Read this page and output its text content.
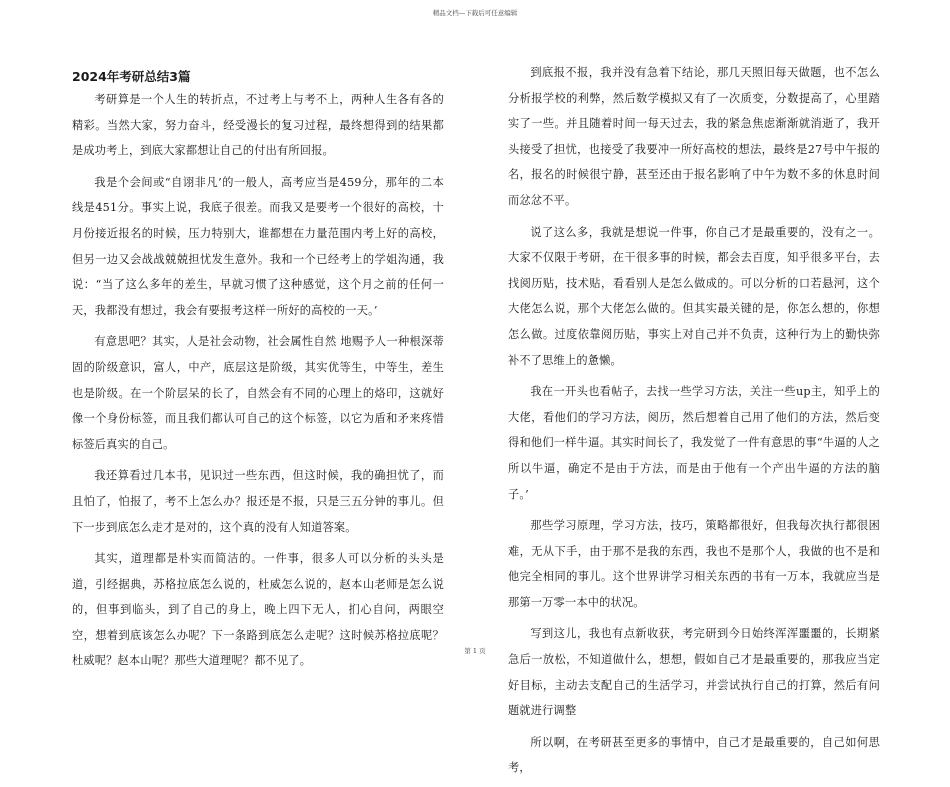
精品文档—下载后可任意编辑
2024年考研总结3篇

考研算是一个人生的转折点，不过考上与考不上，两种人生各有各的精彩。当然大家，努力奋斗，经受漫长的复习过程，最终想得到的结果都是成功考上，到底大家都想让自己的付出有所回报。

我是个会间或“自诩非凡’的一般人，高考应当是459分，那年的二本线是451分。事实上说，我底子很差。而我又是要考一个很好的高校，十月份接近报名的时候，压力特别大，谁都想在力量范围内考上好的高校，但另一边又会战战兢兢担忧发生意外。我和一个已经考上的学姐沟通，我说：“当了这么多年的差生，早就习惯了这种感觉，这个月之前的任何一天，我都没有想过，我会有要报考这样一所好的高校的一天。’

有意思吧？其实，人是社会动物，社会属性自然 地赐予人一种根深蒂固的阶级意识，富人，中产，底层这是阶级，其实优等生，中等生，差生也是阶级。在一个阶层呆的长了，自然会有不同的心理上的烙印，这就好像一个身份标签，而且我们都认可自己的这个标签，以它为盾和矛来疼惜标签后真实的自己。

我还算看过几本书，见识过一些东西，但这时候，我的确担忧了，而且怕了，怕报了，考不上怎么办？报还是不报，只是三五分钟的事儿。但下一步到底怎么走才是对的，这个真的没有人知道答案。

其实，道理都是朴实而简洁的。一件事，很多人可以分析的头头是道，引经据典，苏格拉底怎么说的，杜威怎么说的，赵本山老师是怎么说的，但事到临头，到了自己的身上，晚上四下无人，扪心自问，两眼空空，想着到底该怎么办呢？下一条路到底怎么走呢？这时候苏格拉底呢？杜威呢？赵本山呢？那些大道理呢？都不见了。

到底报不报，我并没有急着下结论，那几天照旧每天做题，也不怎么分析报学校的利弊，然后数学模拟又有了一次质变，分数提高了，心里踏实了一些。并且随着时间一每天过去，我的紧急焦虑渐渐就消逝了，我开头接受了担忧，也接受了我要冲一所好高校的想法，最终是27号中午报的名，报名的时候很宁静，甚至还由于报名影响了中午为数不多的休息时间而忿忿不平。

说了这么多，我就是想说一件事，你自己才是最重要的，没有之一。大家不仅限于考研，在干很多事的时候，都会去百度，知乎很多平台，去找阅历贴，技术贴，看看别人是怎么做成的。可以分析的口若悬河，这个大佬怎么说，那个大佬怎么做的。但其实最关键的是，你怎么想的，你想怎么做。过度依靠阅历贴，事实上对自己并不负责，这种行为上的勤快弥补不了思维上的惫懒。

我在一开头也看帖子，去找一些学习方法，关注一些up主，知乎上的大佬，看他们的学习方法，阅历，然后想着自己用了他们的方法，然后变得和他们一样牛逼。其实时间长了，我发觉了一件有意思的事“牛逼的人之所以牛逼，确定不是由于方法，而是由于他有一个产出牛逼的方法的脑子。’

那些学习原理，学习方法，技巧，策略都很好，但我每次执行都很困难，无从下手，由于那不是我的东西，我也不是那个人，我做的也不是和他完全相同的事儿。这个世界讲学习相关东西的书有一万本，我就应当是那第一万零一本中的状况。

写到这儿，我也有点新收获，考完研到今日始终浑浑噩噩的，长期紧急后一放松，不知道做什么，想想，假如自己才是最重要的，那我应当定好目标，主动去支配自己的生活学习，并尝试执行自己的打算，然后有问题就进行调整

所以啊，在考研甚至更多的事情中，自己才是最重要的，自己如何思考，

第 1 页
